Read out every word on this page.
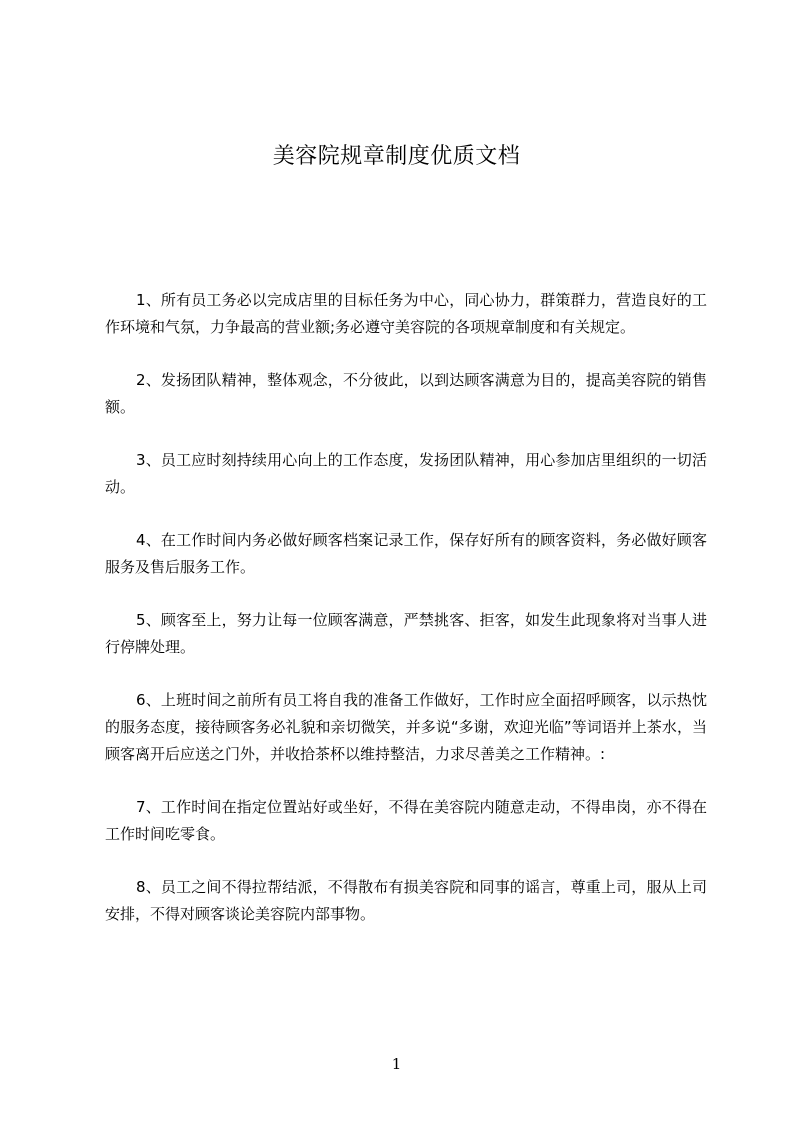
美容院规章制度优质文档
1、所有员工务必以完成店里的目标任务为中心，同心协力，群策群力，营造良好的工作环境和气氛，力争最高的营业额;务必遵守美容院的各项规章制度和有关规定。
2、发扬团队精神，整体观念，不分彼此，以到达顾客满意为目的，提高美容院的销售额。
3、员工应时刻持续用心向上的工作态度，发扬团队精神，用心参加店里组织的一切活动。
4、在工作时间内务必做好顾客档案记录工作，保存好所有的顾客资料，务必做好顾客服务及售后服务工作。
5、顾客至上，努力让每一位顾客满意，严禁挑客、拒客，如发生此现象将对当事人进行停牌处理。
6、上班时间之前所有员工将自我的准备工作做好，工作时应全面招呼顾客，以示热忱的服务态度，接待顾客务必礼貌和亲切微笑，并多说“多谢，欢迎光临”等词语并上茶水，当顾客离开后应送之门外，并收拾茶杯以维持整洁，力求尽善美之工作精神。:
7、工作时间在指定位置站好或坐好，不得在美容院内随意走动，不得串岗，亦不得在工作时间吃零食。
8、员工之间不得拉帮结派，不得散布有损美容院和同事的谣言，尊重上司，服从上司安排，不得对顾客谈论美容院内部事物。
1
